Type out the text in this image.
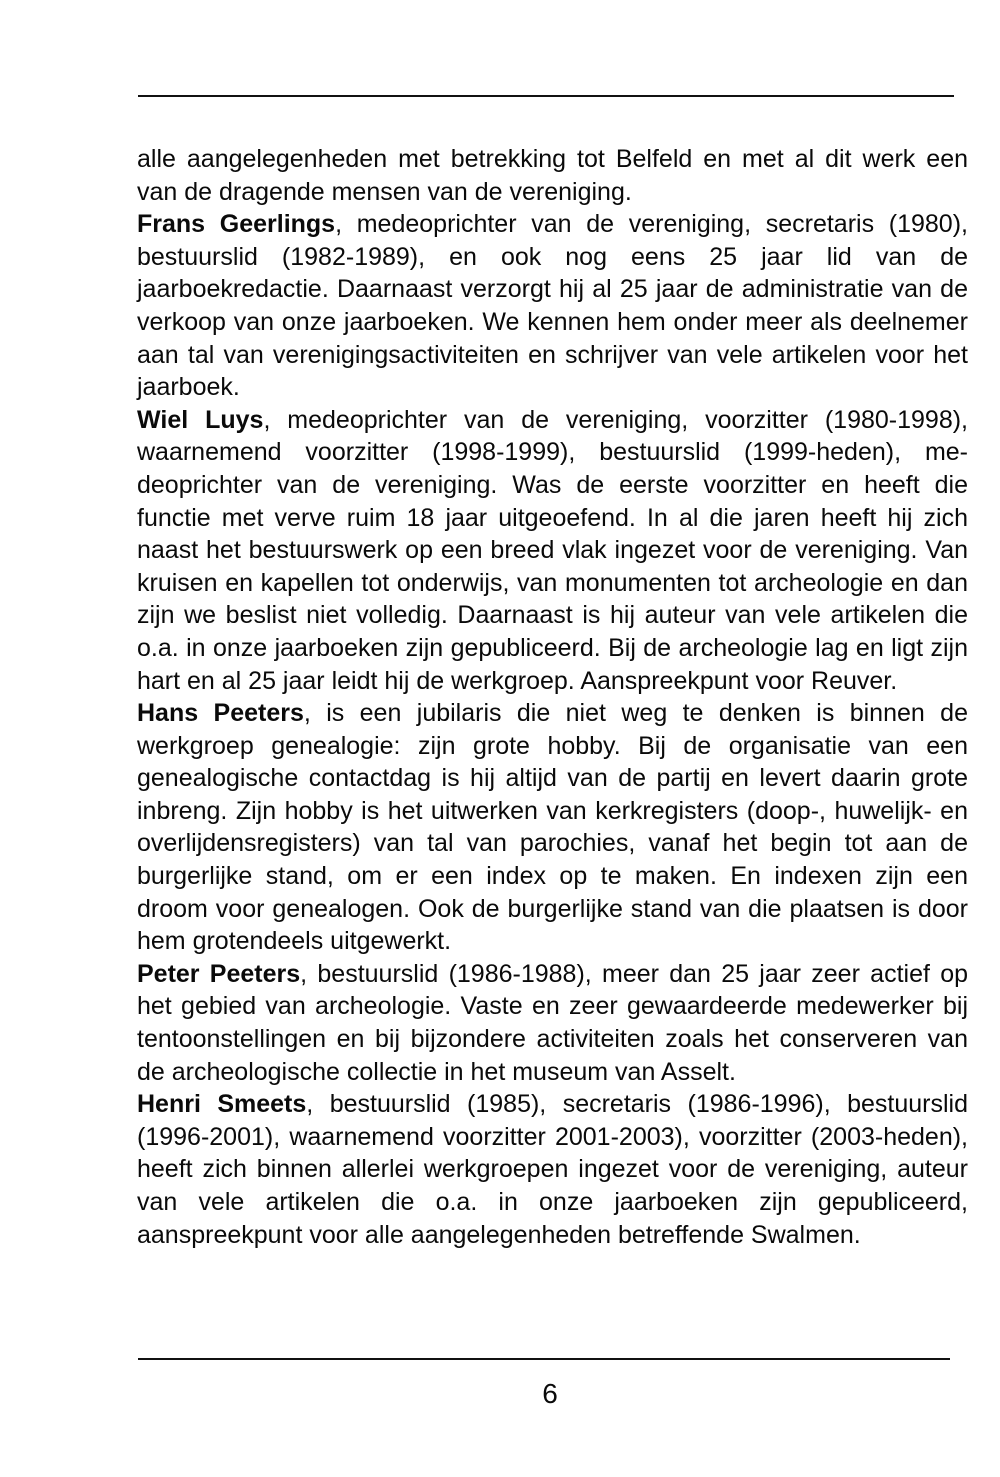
alle aangelegenheden met betrekking tot Belfeld en met al dit werk een van de dragende mensen van de vereniging.

Frans Geerlings, medeoprichter van de vereniging, secretaris (1980), bestuurslid (1982-1989), en ook nog eens 25 jaar lid van de jaarboekredactie. Daarnaast verzorgt hij al 25 jaar de administratie van de verkoop van onze jaarboeken. We kennen hem onder meer als deelnemer aan tal van verenigingsactiviteiten en schrijver van vele artikelen voor het jaarboek.

Wiel Luys, medeoprichter van de vereniging, voorzitter (1980-1998), waarnemend voorzitter (1998-1999), bestuurslid (1999-heden), medeoprichter van de vereniging. Was de eerste voorzitter en heeft die functie met verve ruim 18 jaar uitgeoefend. In al die jaren heeft hij zich naast het bestuurswerk op een breed vlak ingezet voor de vereniging. Van kruisen en kapellen tot onderwijs, van monumenten tot archeologie en dan zijn we beslist niet volledig. Daarnaast is hij auteur van vele artikelen die o.a. in onze jaarboeken zijn gepubliceerd. Bij de archeologie lag en ligt zijn hart en al 25 jaar leidt hij de werkgroep. Aanspreekpunt voor Reuver.

Hans Peeters, is een jubilaris die niet weg te denken is binnen de werkgroep genealogie: zijn grote hobby. Bij de organisatie van een genealogische contactdag is hij altijd van de partij en levert daarin grote inbreng. Zijn hobby is het uitwerken van kerkregisters (doop-, huwelijk- en overlijdensregisters) van tal van parochies, vanaf het begin tot aan de burgerlijke stand, om er een index op te maken. En indexen zijn een droom voor genealogen. Ook de burgerlijke stand van die plaatsen is door hem grotendeels uitgewerkt.

Peter Peeters, bestuurslid (1986-1988), meer dan 25 jaar zeer actief op het gebied van archeologie. Vaste en zeer gewaardeerde medewerker bij tentoonstellingen en bij bijzondere activiteiten zoals het conserveren van de archeologische collectie in het museum van Asselt.

Henri Smeets, bestuurslid (1985), secretaris (1986-1996), bestuurslid (1996-2001), waarnemend voorzitter 2001-2003), voorzitter (2003-heden), heeft zich binnen allerlei werkgroepen ingezet voor de vereniging, auteur van vele artikelen die o.a. in onze jaarboeken zijn gepubliceerd, aanspreekpunt voor alle aangelegenheden betreffende Swalmen.

6
